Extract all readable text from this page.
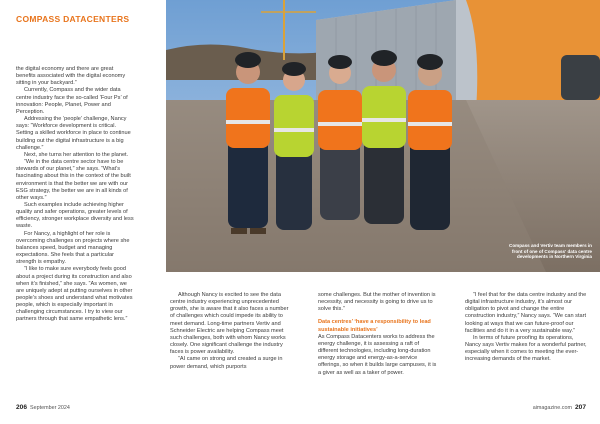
COMPASS DATACENTERS

the digital economy and there are great benefits associated with the digital economy sitting in your backyard.”

Currently, Compass and the wider data centre industry face the so-called ‘Four Ps’ of innovation: People, Planet, Power and Perception.

Addressing the ‘people’ challenge, Nancy says: “Workforce development is critical. Setting a skilled workforce in place to continue building out the digital infrastructure is a big challenge.”

Next, she turns her attention to the planet.

“We in the data centre sector have to be stewards of our planet,” she says. “What’s fascinating about this in the context of the built environment is that the better we are with our ESG strategy, the better we are in all kinds of other ways.”

Such examples include achieving higher quality and safer operations, greater levels of efficiency, stronger workplace diversity and less waste.

For Nancy, a highlight of her role is overcoming challenges on projects where she balances speed, budget and managing expectations. She feels that a particular strength is empathy.

“I like to make sure everybody feels good about a project during its construction and also when it’s finished,” she says. “As women, we are uniquely adept at putting ourselves in other people’s shoes and understand what motivates people, which is especially important in challenging circumstances. I try to view our partners through that same empathetic lens.”

Although Nancy is excited to see the data centre industry experiencing unprecedented growth, she is aware that it also faces a number of challenges which could impede its ability to meet demand. Long-time partners Vertiv and Schneider Electric are helping Compass meet such challenges, both with whom Nancy works closely. One significant challenge the industry faces is power availability.

“AI came on strong and created a surge in power demand, which purports

206 September 2024
Compass and Vertiv team members in front of one of Compass' data centre developments in Northern Virginia

some challenges. But the mother of invention is necessity, and necessity is going to drive us to solve this.”

Data centres’ ‘have a responsibility to lead sustainable initiatives’

As Compass Datacenters works to address the energy challenge, it is assessing a raft of different technologies, including long-duration energy storage and energy-as-a-service offerings, so when it builds large campuses, it is a giver as well as a taker of power.

“I feel that for the data centre industry and the digital infrastructure industry, it’s almost our obligation to pivot and change the entire construction industry,” Nancy says. “We can start looking at ways that we can future-proof our facilities and do it in a very sustainable way.”

In terms of future proofing its operations, Nancy says Vertiv makes for a wonderful partner, especially when it comes to meeting the ever-increasing demands of the market.

aimagazine.com 207
